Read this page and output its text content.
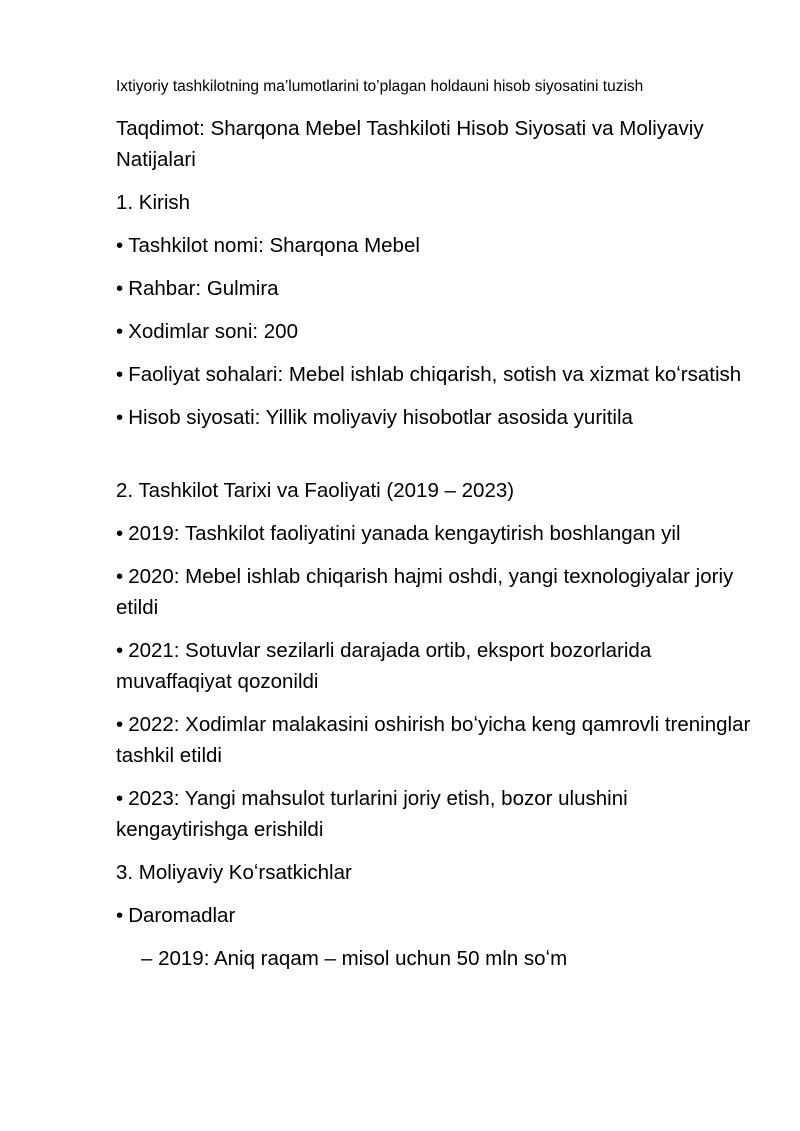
Ixtiyoriy tashkilotning ma’lumotlarini to’plagan holdauni hisob siyosatini tuzish
Taqdimot: Sharqona Mebel Tashkiloti Hisob Siyosati va Moliyaviy Natijalari
1. Kirish
• Tashkilot nomi: Sharqona Mebel
• Rahbar: Gulmira
• Xodimlar soni: 200
• Faoliyat sohalari: Mebel ishlab chiqarish, sotish va xizmat koʻrsatish
• Hisob siyosati: Yillik moliyaviy hisobotlar asosida yuritila
2. Tashkilot Tarixi va Faoliyati (2019 – 2023)
• 2019: Tashkilot faoliyatini yanada kengaytirish boshlangan yil
• 2020: Mebel ishlab chiqarish hajmi oshdi, yangi texnologiyalar joriy etildi
• 2021: Sotuvlar sezilarli darajada ortib, eksport bozorlarida muvaffaqiyat qozonildi
• 2022: Xodimlar malakasini oshirish boʻyicha keng qamrovli treninglar tashkil etildi
• 2023: Yangi mahsulot turlarini joriy etish, bozor ulushini kengaytirishga erishildi
3. Moliyaviy Koʻrsatkichlar
• Daromadlar
– 2019: Aniq raqam – misol uchun 50 mln soʻm
